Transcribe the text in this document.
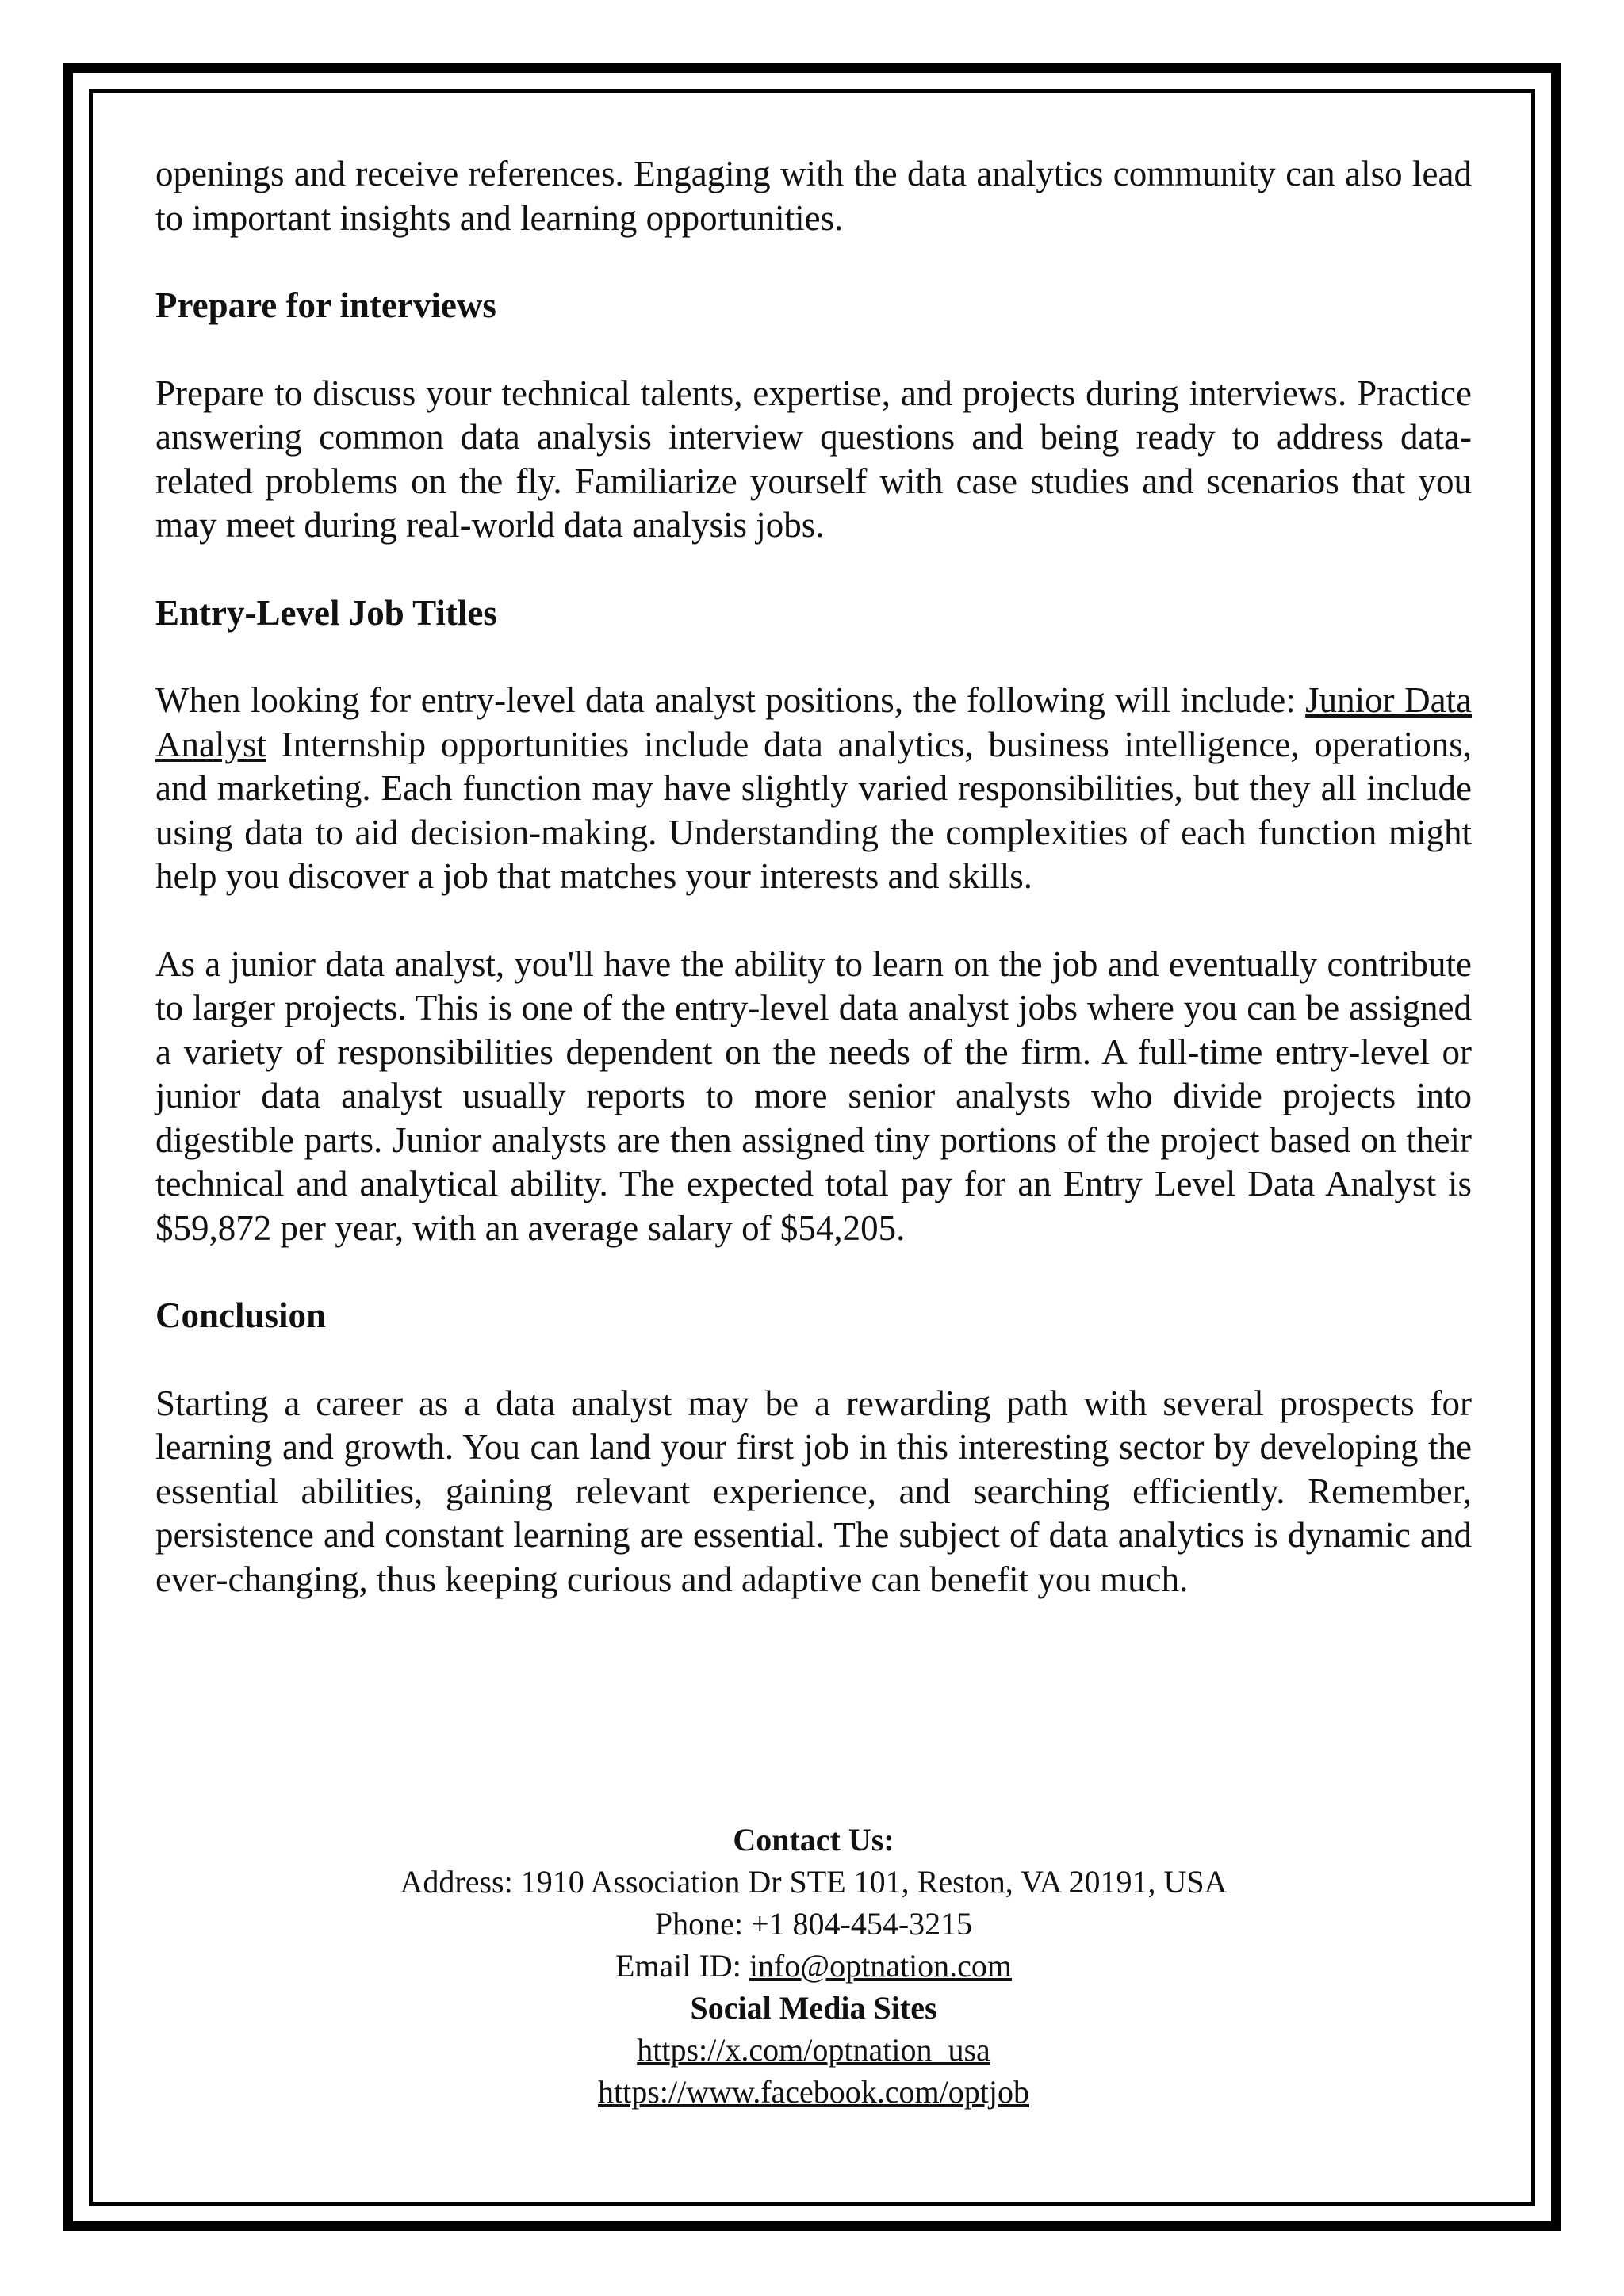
openings and receive references. Engaging with the data analytics community can also lead to important insights and learning opportunities.

Prepare for interviews

Prepare to discuss your technical talents, expertise, and projects during interviews. Practice answering common data analysis interview questions and being ready to address data-related problems on the fly. Familiarize yourself with case studies and scenarios that you may meet during real-world data analysis jobs.

Entry-Level Job Titles

When looking for entry-level data analyst positions, the following will include: Junior Data Analyst Internship opportunities include data analytics, business intelligence, operations, and marketing. Each function may have slightly varied responsibilities, but they all include using data to aid decision-making. Understanding the complexities of each function might help you discover a job that matches your interests and skills.

As a junior data analyst, you'll have the ability to learn on the job and eventually contribute to larger projects. This is one of the entry-level data analyst jobs where you can be assigned a variety of responsibilities dependent on the needs of the firm. A full-time entry-level or junior data analyst usually reports to more senior analysts who divide projects into digestible parts. Junior analysts are then assigned tiny portions of the project based on their technical and analytical ability. The expected total pay for an Entry Level Data Analyst is $59,872 per year, with an average salary of $54,205.

Conclusion

Starting a career as a data analyst may be a rewarding path with several prospects for learning and growth. You can land your first job in this interesting sector by developing the essential abilities, gaining relevant experience, and searching efficiently. Remember, persistence and constant learning are essential. The subject of data analytics is dynamic and ever-changing, thus keeping curious and adaptive can benefit you much.

Contact Us:
Address: 1910 Association Dr STE 101, Reston, VA 20191, USA
Phone: +1 804-454-3215
Email ID: info@optnation.com
Social Media Sites
https://x.com/optnation_usa
https://www.facebook.com/optjob
